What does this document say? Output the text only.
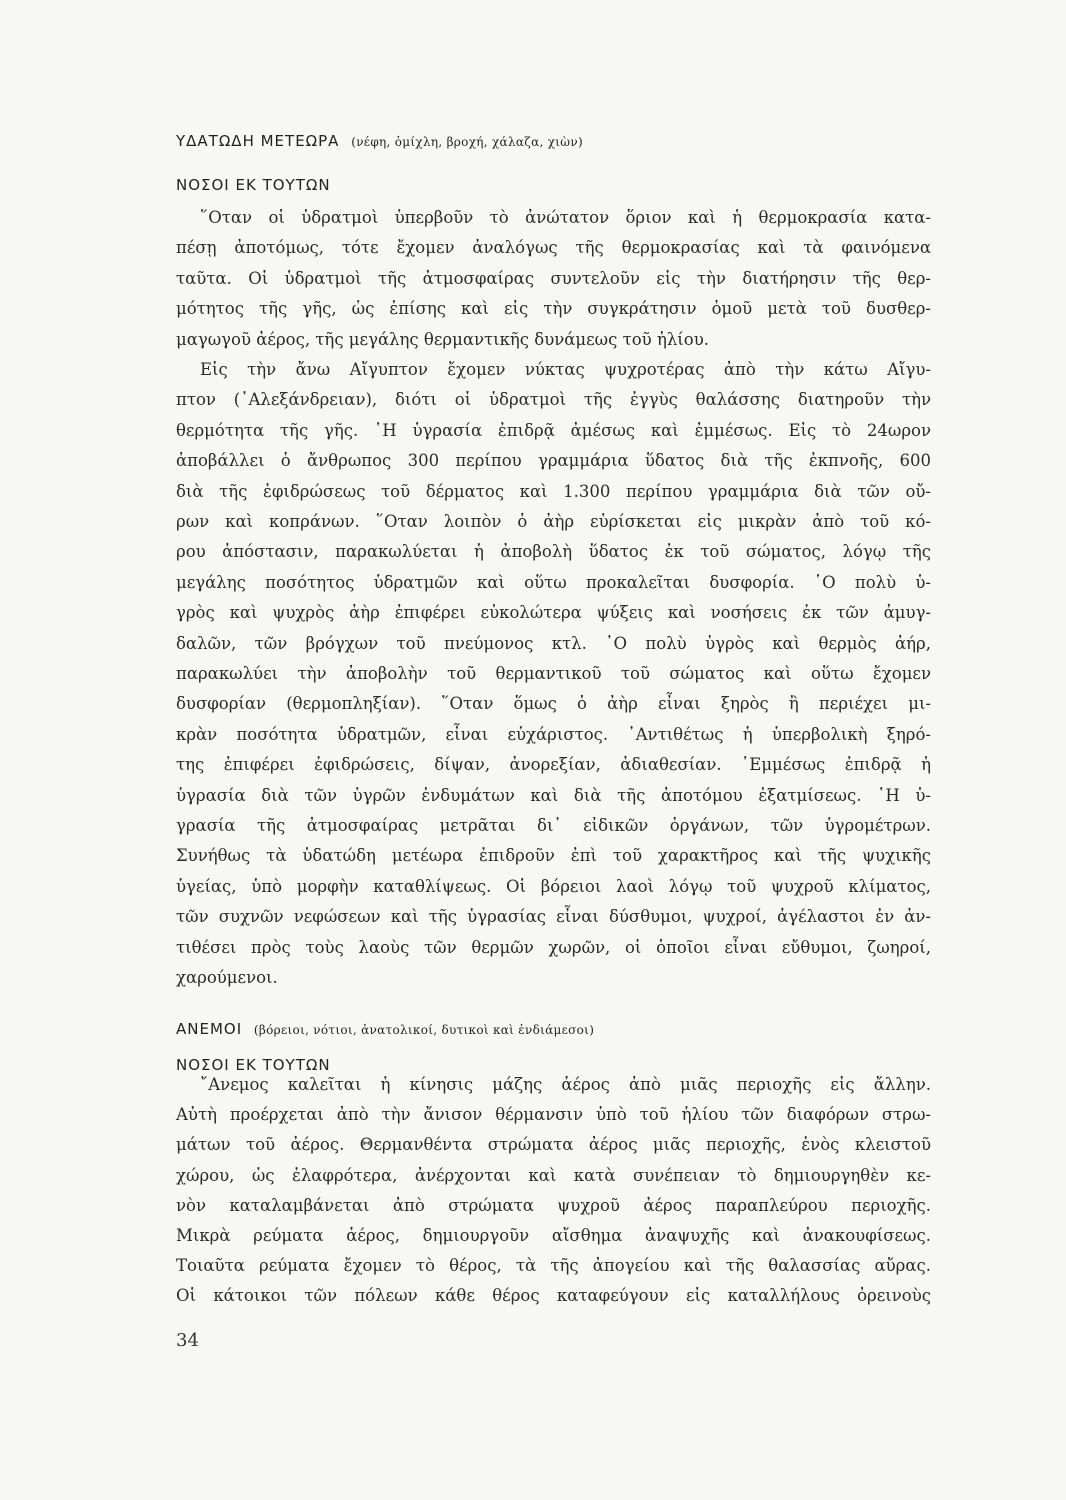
ΥΔΑΤΩΔΗ ΜΕΤΕΩΡΑ (νέφη, ὁμίχλη, βροχή, χάλαζα, χιὼν)
ΝΟΣΟΙ ΕΚ ΤΟΥΤΩΝ
῞Οταν οἱ ὑδρατμοὶ ὑπερβοῦν τὸ ἀνώτατον ὅριον καὶ ἡ θερμοκρασία κατα-
πέσῃ ἀποτόμως, τότε ἔχομεν ἀναλόγως τῆς θερμοκρασίας καὶ τὰ φαινόμενα
ταῦτα. Οἱ ὑδρατμοὶ τῆς ἀτμοσφαίρας συντελοῦν εἰς τὴν διατήρησιν τῆς θερ-
μότητος τῆς γῆς, ὡς ἐπίσης καὶ εἰς τὴν συγκράτησιν ὁμοῦ μετὰ τοῦ δυσθερ-
μαγωγοῦ ἀέρος, τῆς μεγάλης θερμαντικῆς δυνάμεως τοῦ ἡλίου.
Εἰς τὴν ἄνω Αἴγυπτον ἔχομεν νύκτας ψυχροτέρας ἀπὸ τὴν κάτω Αἴγυ-
πτον (᾿Αλεξάνδρειαν), διότι οἱ ὑδρατμοὶ τῆς ἐγγὺς θαλάσσης διατηροῦν τὴν
θερμότητα τῆς γῆς. ῾Η ὑγρασία ἐπιδρᾷ ἀμέσως καὶ ἐμμέσως. Εἰς τὸ 24ωρον
ἀποβάλλει ὁ ἄνθρωπος 300 περίπου γραμμάρια ὕδατος διὰ τῆς ἐκπνοῆς, 600
διὰ τῆς ἐφιδρώσεως τοῦ δέρματος καὶ 1.300 περίπου γραμμάρια διὰ τῶν οὔ-
ρων καὶ κοπράνων. ῞Οταν λοιπὸν ὁ ἀὴρ εὑρίσκεται εἰς μικρὰν ἀπὸ τοῦ κό-
ρου ἀπόστασιν, παρακωλύεται ἡ ἀποβολὴ ὕδατος ἐκ τοῦ σώματος, λόγῳ τῆς
μεγάλης ποσότητος ὑδρατμῶν καὶ οὕτω προκαλεῖται δυσφορία. ῾Ο πολὺ ὑ-
γρὸς καὶ ψυχρὸς ἀὴρ ἐπιφέρει εὐκολώτερα ψύξεις καὶ νοσήσεις ἐκ τῶν ἀμυγ-
δαλῶν, τῶν βρόγχων τοῦ πνεύμονος κτλ. ῾Ο πολὺ ὑγρὸς καὶ θερμὸς ἀήρ,
παρακωλύει τὴν ἀποβολὴν τοῦ θερμαντικοῦ τοῦ σώματος καὶ οὕτω ἔχομεν
δυσφορίαν (θερμοπληξίαν). ῞Οταν ὅμως ὁ ἀὴρ εἶναι ξηρὸς ἢ περιέχει μι-
κρὰν ποσότητα ὑδρατμῶν, εἶναι εὐχάριστος. ᾿Αντιθέτως ἡ ὑπερβολικὴ ξηρό-
της ἐπιφέρει ἐφιδρώσεις, δίψαν, ἀνορεξίαν, ἀδιαθεσίαν. ᾿Εμμέσως ἐπιδρᾷ ἡ
ὑγρασία διὰ τῶν ὑγρῶν ἐνδυμάτων καὶ διὰ τῆς ἀποτόμου ἐξατμίσεως. ῾Η ὑ-
γρασία τῆς ἀτμοσφαίρας μετρᾶται δι᾿ εἰδικῶν ὀργάνων, τῶν ὑγρομέτρων.
Συνήθως τὰ ὑδατώδη μετέωρα ἐπιδροῦν ἐπὶ τοῦ χαρακτῆρος καὶ τῆς ψυχικῆς
ὑγείας, ὑπὸ μορφὴν καταθλίψεως. Οἱ βόρειοι λαοὶ λόγῳ τοῦ ψυχροῦ κλίματος,
τῶν συχνῶν νεφώσεων καὶ τῆς ὑγρασίας εἶναι δύσθυμοι, ψυχροί, ἀγέλαστοι ἐν ἀν-
τιθέσει πρὸς τοὺς λαοὺς τῶν θερμῶν χωρῶν, οἱ ὁποῖοι εἶναι εὔθυμοι, ζωηροί,
χαρούμενοι.
ΑΝΕΜΟΙ (βόρειοι, νότιοι, ἀνατολικοί, δυτικοὶ καὶ ἐνδιάμεσοι)
ΝΟΣΟΙ ΕΚ ΤΟΥΤΩΝ
῎Ανεμος καλεῖται ἡ κίνησις μάζης ἀέρος ἀπὸ μιᾶς περιοχῆς εἰς ἄλλην.
Αὐτὴ προέρχεται ἀπὸ τὴν ἄνισον θέρμανσιν ὑπὸ τοῦ ἡλίου τῶν διαφόρων στρω-
μάτων τοῦ ἀέρος. Θερμανθέντα στρώματα ἀέρος μιᾶς περιοχῆς, ἑνὸς κλειστοῦ
χώρου, ὡς ἐλαφρότερα, ἀνέρχονται καὶ κατὰ συνέπειαν τὸ δημιουργηθὲν κε-
νὸν καταλαμβάνεται ἀπὸ στρώματα ψυχροῦ ἀέρος παραπλεύρου περιοχῆς.
Μικρὰ ρεύματα ἀέρος, δημιουργοῦν αἴσθημα ἀναψυχῆς καὶ ἀνακουφίσεως.
Τοιαῦτα ρεύματα ἔχομεν τὸ θέρος, τὰ τῆς ἀπογείου καὶ τῆς θαλασσίας αὔρας.
Οἱ κάτοικοι τῶν πόλεων κάθε θέρος καταφεύγουν εἰς καταλλήλους ὀρεινοὺς
34
